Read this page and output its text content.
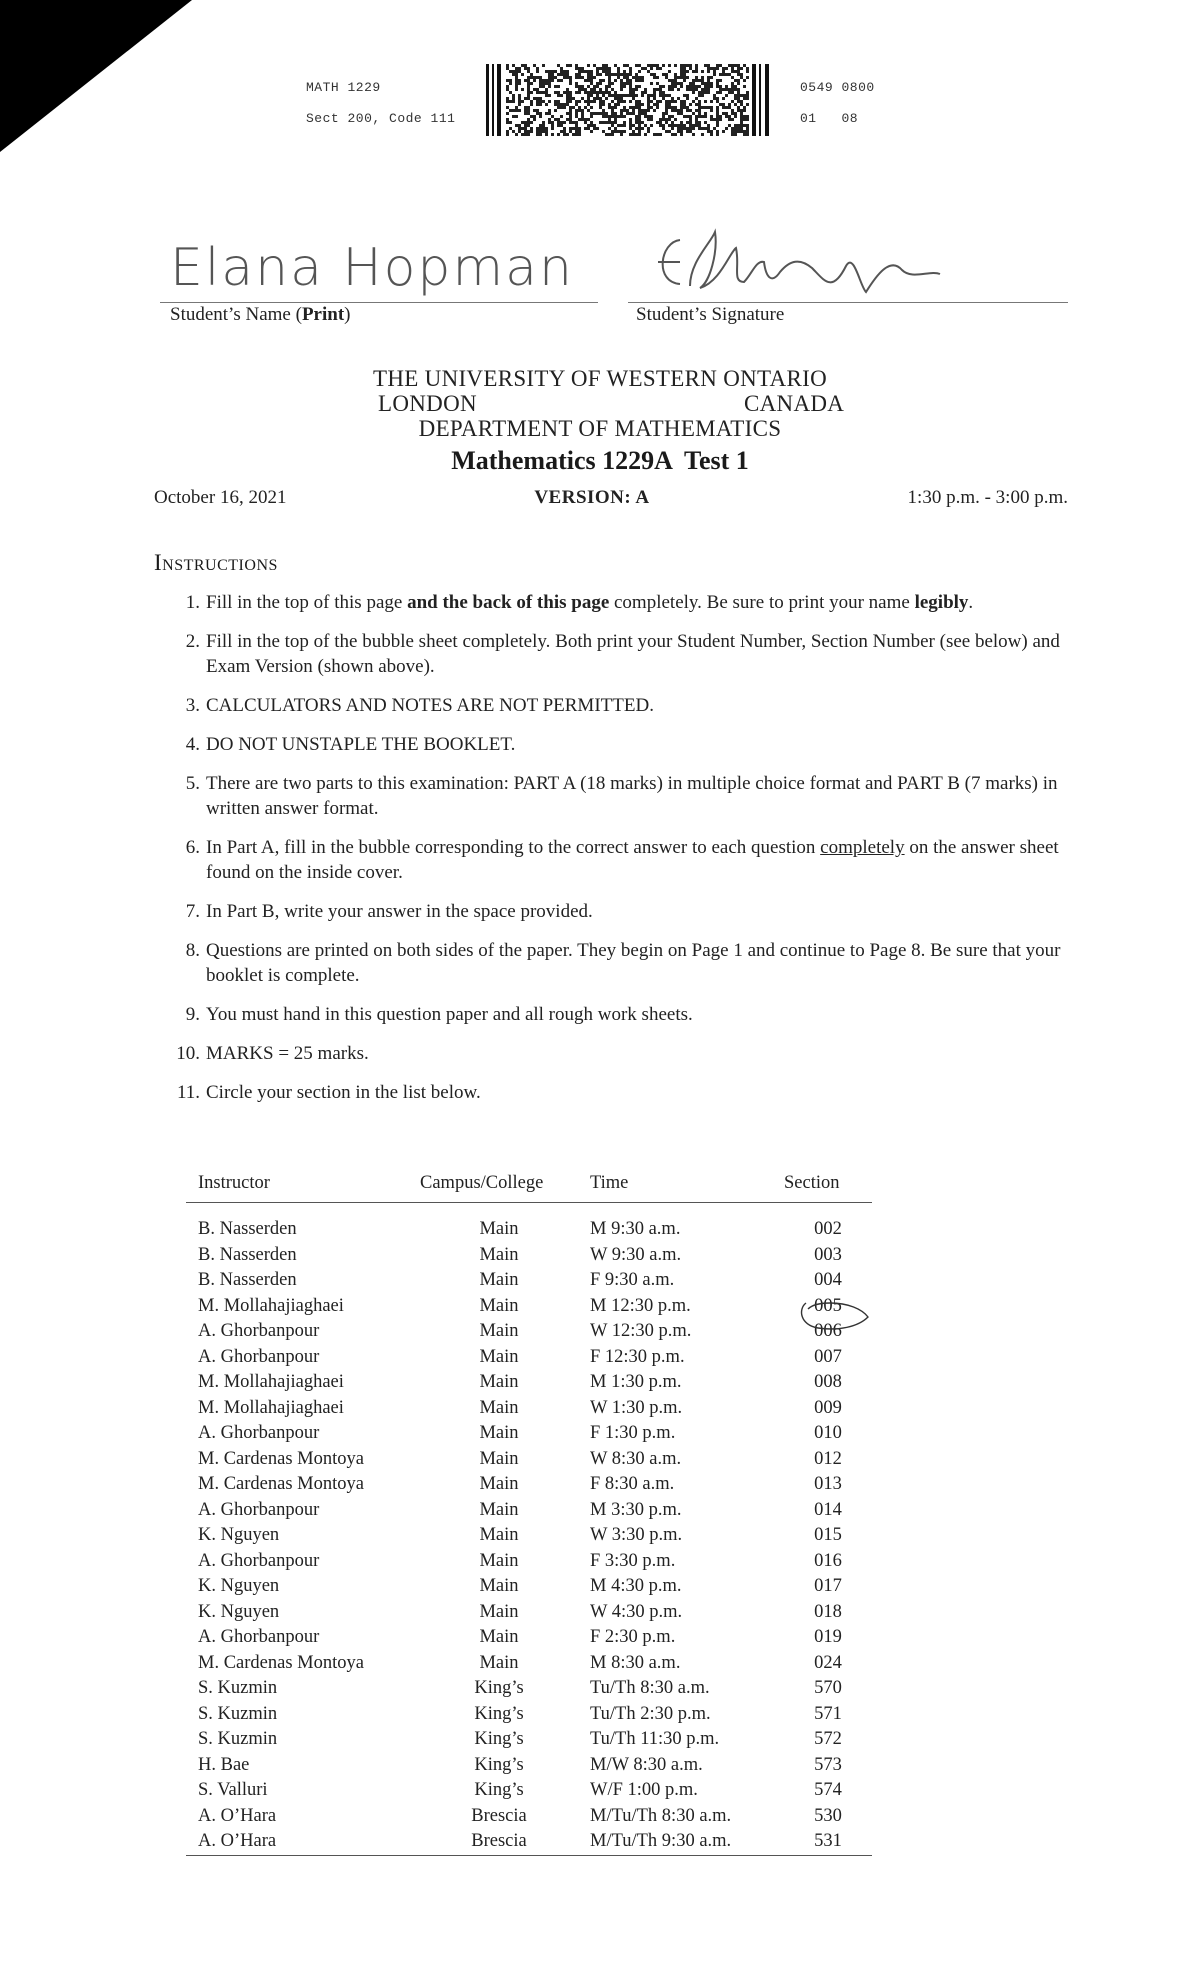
MATH 1229
Sect 200, Code 111
0549 0800
01   08
Elana Hopman
Student’s Name (Print)	Student’s Signature
THE UNIVERSITY OF WESTERN ONTARIO
LONDON	CANADA
DEPARTMENT OF MATHEMATICS
Mathematics 1229A  Test 1
October 16, 2021	VERSION: A	1:30 p.m. - 3:00 p.m.
Instructions
1. Fill in the top of this page and the back of this page completely. Be sure to print your name legibly.
2. Fill in the top of the bubble sheet completely. Both print your Student Number, Section Number (see below) and Exam Version (shown above).
3. CALCULATORS AND NOTES ARE NOT PERMITTED.
4. DO NOT UNSTAPLE THE BOOKLET.
5. There are two parts to this examination: PART A (18 marks) in multiple choice format and PART B (7 marks) in written answer format.
6. In Part A, fill in the bubble corresponding to the correct answer to each question completely on the answer sheet found on the inside cover.
7. In Part B, write your answer in the space provided.
8. Questions are printed on both sides of the paper. They begin on Page 1 and continue to Page 8. Be sure that your booklet is complete.
9. You must hand in this question paper and all rough work sheets.
10. MARKS = 25 marks.
11. Circle your section in the list below.
Instructor	Campus/College	Time	Section
B. Nasserden	Main	M 9:30 a.m.	002
B. Nasserden	Main	W 9:30 a.m.	003
B. Nasserden	Main	F 9:30 a.m.	004
M. Mollahajiaghaei	Main	M 12:30 p.m.	005
A. Ghorbanpour	Main	W 12:30 p.m.	006
A. Ghorbanpour	Main	F 12:30 p.m.	007
M. Mollahajiaghaei	Main	M 1:30 p.m.	008
M. Mollahajiaghaei	Main	W 1:30 p.m.	009
A. Ghorbanpour	Main	F 1:30 p.m.	010
M. Cardenas Montoya	Main	W 8:30 a.m.	012
M. Cardenas Montoya	Main	F 8:30 a.m.	013
A. Ghorbanpour	Main	M 3:30 p.m.	014
K. Nguyen	Main	W 3:30 p.m.	015
A. Ghorbanpour	Main	F 3:30 p.m.	016
K. Nguyen	Main	M 4:30 p.m.	017
K. Nguyen	Main	W 4:30 p.m.	018
A. Ghorbanpour	Main	F 2:30 p.m.	019
M. Cardenas Montoya	Main	M 8:30 a.m.	024
S. Kuzmin	King’s	Tu/Th 8:30 a.m.	570
S. Kuzmin	King’s	Tu/Th 2:30 p.m.	571
S. Kuzmin	King’s	Tu/Th 11:30 p.m.	572
H. Bae	King’s	M/W 8:30 a.m.	573
S. Valluri	King’s	W/F 1:00 p.m.	574
A. O’Hara	Brescia	M/Tu/Th 8:30 a.m.	530
A. O’Hara	Brescia	M/Tu/Th 9:30 a.m.	531
